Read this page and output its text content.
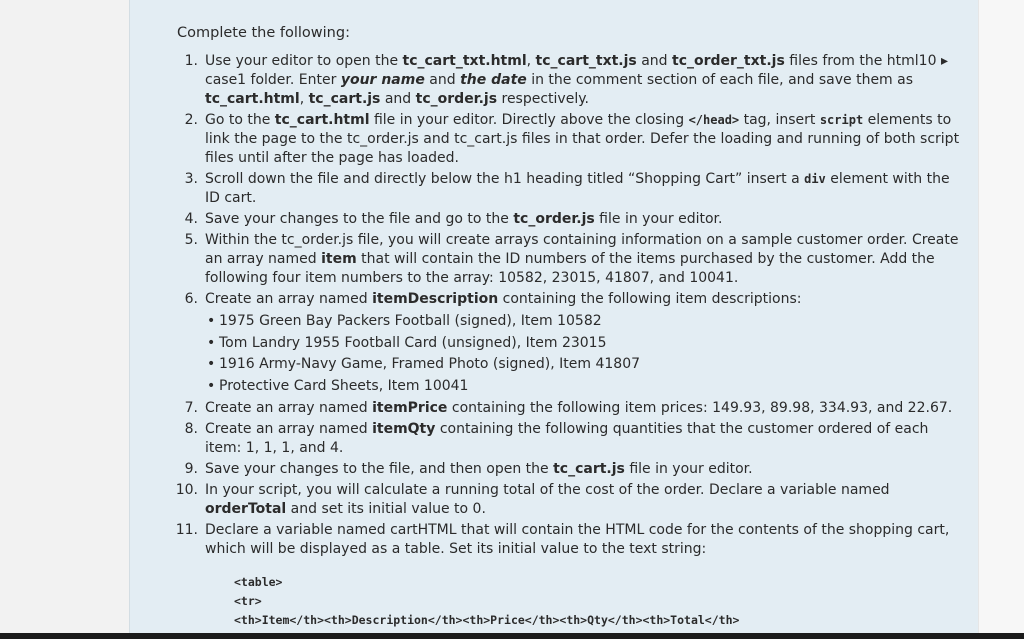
Complete the following:

1. Use your editor to open the tc_cart_txt.html, tc_cart_txt.js and tc_order_txt.js files from the html10 ▸ case1 folder. Enter your name and the date in the comment section of each file, and save them as tc_cart.html, tc_cart.js and tc_order.js respectively.
2. Go to the tc_cart.html file in your editor. Directly above the closing </head> tag, insert script elements to link the page to the tc_order.js and tc_cart.js files in that order. Defer the loading and running of both script files until after the page has loaded.
3. Scroll down the file and directly below the h1 heading titled “Shopping Cart” insert a div element with the ID cart.
4. Save your changes to the file and go to the tc_order.js file in your editor.
5. Within the tc_order.js file, you will create arrays containing information on a sample customer order. Create an array named item that will contain the ID numbers of the items purchased by the customer. Add the following four item numbers to the array: 10582, 23015, 41807, and 10041.
6. Create an array named itemDescription containing the following item descriptions:
• 1975 Green Bay Packers Football (signed), Item 10582
• Tom Landry 1955 Football Card (unsigned), Item 23015
• 1916 Army-Navy Game, Framed Photo (signed), Item 41807
• Protective Card Sheets, Item 10041
7. Create an array named itemPrice containing the following item prices: 149.93, 89.98, 334.93, and 22.67.
8. Create an array named itemQty containing the following quantities that the customer ordered of each item: 1, 1, 1, and 4.
9. Save your changes to the file, and then open the tc_cart.js file in your editor.
10. In your script, you will calculate a running total of the cost of the order. Declare a variable named orderTotal and set its initial value to 0.
11. Declare a variable named cartHTML that will contain the HTML code for the contents of the shopping cart, which will be displayed as a table. Set its initial value to the text string:
<table>
<tr>
<th>Item</th><th>Description</th><th>Price</th><th>Qty</th><th>Total</th>
